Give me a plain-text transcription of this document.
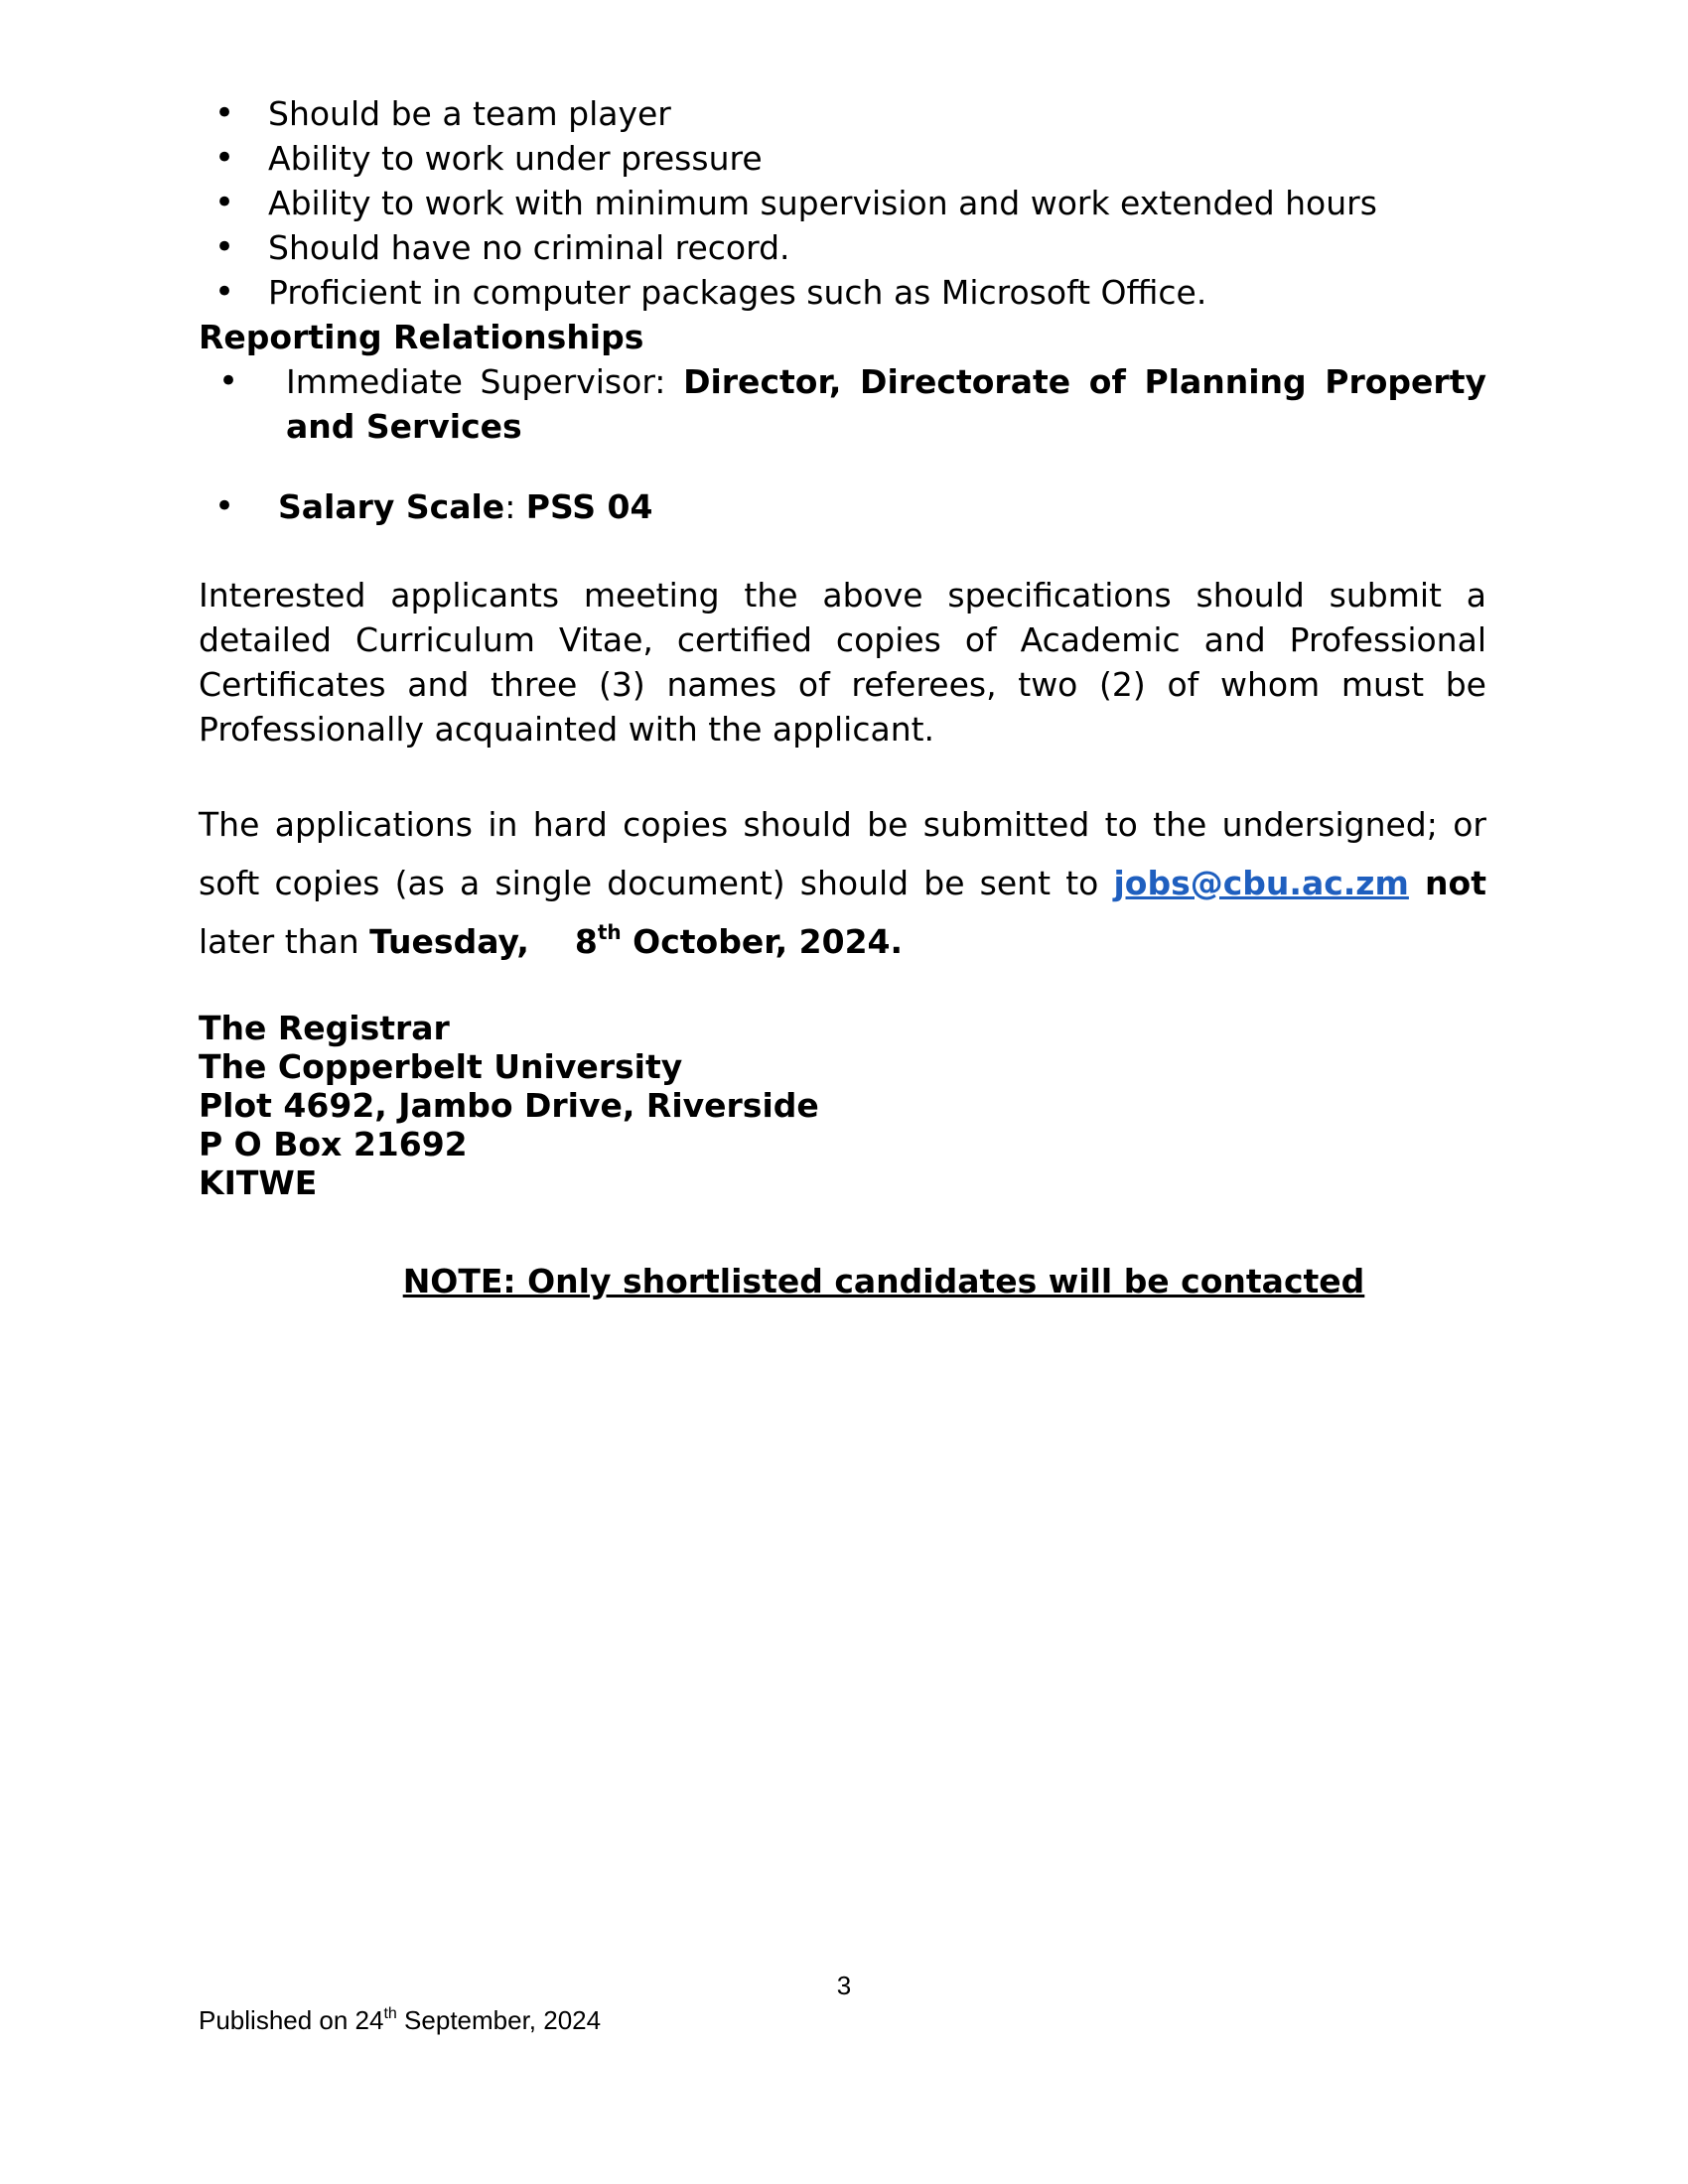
• Should be a team player
• Ability to work under pressure
• Ability to work with minimum supervision and work extended hours
• Should have no criminal record.
• Proficient in computer packages such as Microsoft Office.
Reporting Relationships
• Immediate Supervisor: Director, Directorate of Planning Property and Services
• Salary Scale: PSS 04

Interested applicants meeting the above specifications should submit a detailed Curriculum Vitae, certified copies of Academic and Professional Certificates and three (3) names of referees, two (2) of whom must be Professionally acquainted with the applicant.

The applications in hard copies should be submitted to the undersigned; or soft copies (as a single document) should be sent to jobs@cbu.ac.zm not later than Tuesday,    8th October, 2024.

The Registrar
The Copperbelt University
Plot 4692, Jambo Drive, Riverside
P O Box 21692
KITWE
NOTE: Only shortlisted candidates will be contacted
3
Published on 24th September, 2024
